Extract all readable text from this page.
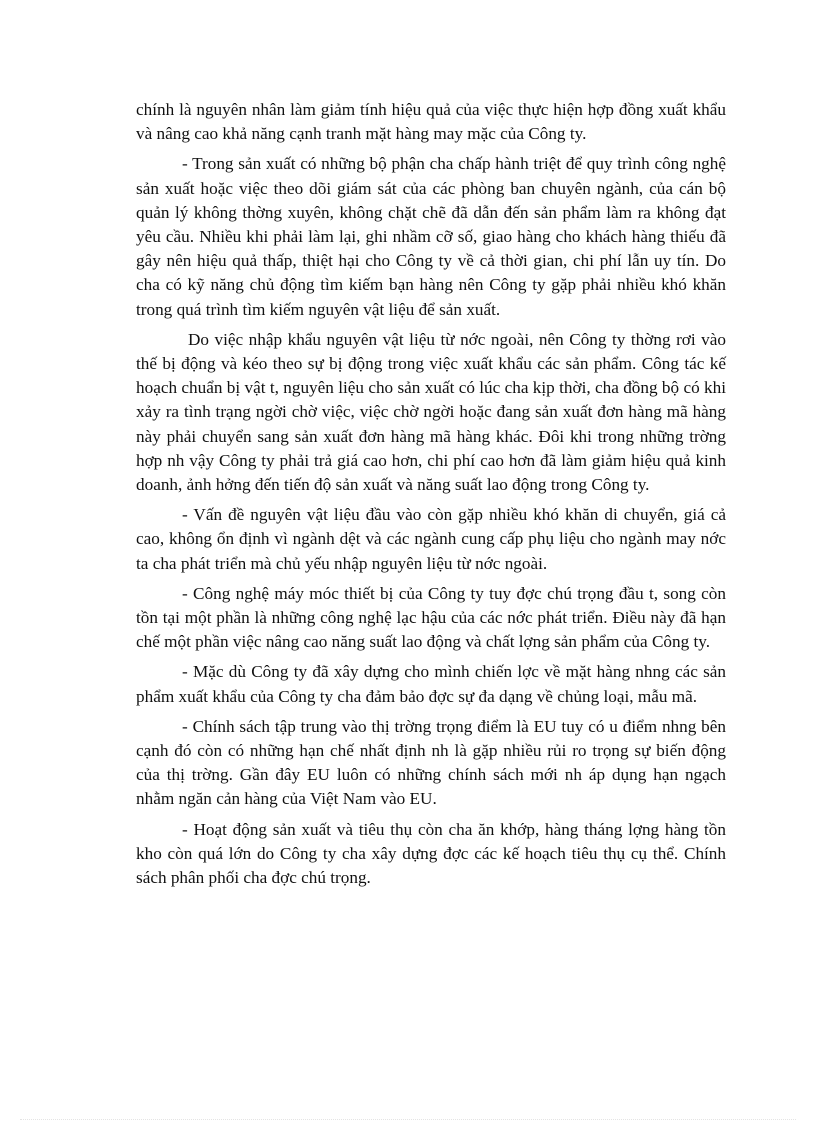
chính là nguyên nhân làm giảm tính hiệu quả của việc thực hiện hợp đồng xuất khẩu và nâng cao khả năng cạnh tranh mặt hàng may mặc của Công ty.

- Trong sản xuất có những bộ phận cha chấp hành triệt để quy trình công nghệ sản xuất hoặc việc theo dõi giám sát của các phòng ban chuyên ngành, của cán bộ quản lý không thờng xuyên, không chặt chẽ đã dẫn đến sản phẩm làm ra không đạt yêu cầu. Nhiều khi phải làm lại, ghi nhầm cỡ số, giao hàng cho khách hàng thiếu đã gây nên hiệu quả thấp, thiệt hại cho Công ty về cả thời gian, chi phí lẫn uy tín. Do cha có kỹ năng chủ động tìm kiếm bạn hàng nên Công ty gặp phải nhiều khó khăn trong quá trình tìm kiếm nguyên vật liệu để sản xuất.

Do việc nhập khẩu nguyên vật liệu từ nớc ngoài, nên Công ty thờng rơi vào thế bị động và kéo theo sự bị động trong việc xuất khẩu các sản phẩm. Công tác kế hoạch chuẩn bị vật t, nguyên liệu cho sản xuất có lúc cha kịp thời, cha đồng bộ có khi xảy ra tình trạng ngời chờ việc, việc chờ ngời hoặc đang sản xuất đơn hàng mã hàng này phải chuyển sang sản xuất đơn hàng mã hàng khác. Đôi khi trong những trờng hợp nh vậy Công ty phải trả giá cao hơn, chi phí cao hơn đã làm giảm hiệu quả kinh doanh, ảnh hởng đến tiến độ sản xuất và năng suất lao động trong Công ty.

- Vấn đề nguyên vật liệu đầu vào còn gặp nhiều khó khăn di chuyển, giá cả cao, không ổn định vì ngành dệt và các ngành cung cấp phụ liệu cho ngành may nớc ta cha phát triển mà chủ yếu nhập nguyên liệu từ nớc ngoài.

- Công nghệ máy móc thiết bị của Công ty tuy đợc chú trọng đầu t, song còn tồn tại một phần là những công nghệ lạc hậu của các nớc phát triển. Điều này đã hạn chế một phần việc nâng cao năng suất lao động và chất lợng sản phẩm của Công ty.

- Mặc dù Công ty đã xây dựng cho mình chiến lợc về mặt hàng nhng các sản phẩm xuất khẩu của Công ty cha đảm bảo đợc sự đa dạng về chủng loại, mẫu mã.

- Chính sách tập trung vào thị trờng trọng điểm là EU tuy có u điểm nhng bên cạnh đó còn có những hạn chế nhất định nh là gặp nhiều rủi ro trọng sự biến động của thị trờng. Gần đây EU luôn có những chính sách mới nh áp dụng hạn ngạch nhằm ngăn cản hàng của Việt Nam vào EU.

- Hoạt động sản xuất và tiêu thụ còn cha ăn khớp, hàng tháng lợng hàng tồn kho còn quá lớn do Công ty cha xây dựng đợc các kế hoạch tiêu thụ cụ thể. Chính sách phân phối cha đợc chú trọng.
